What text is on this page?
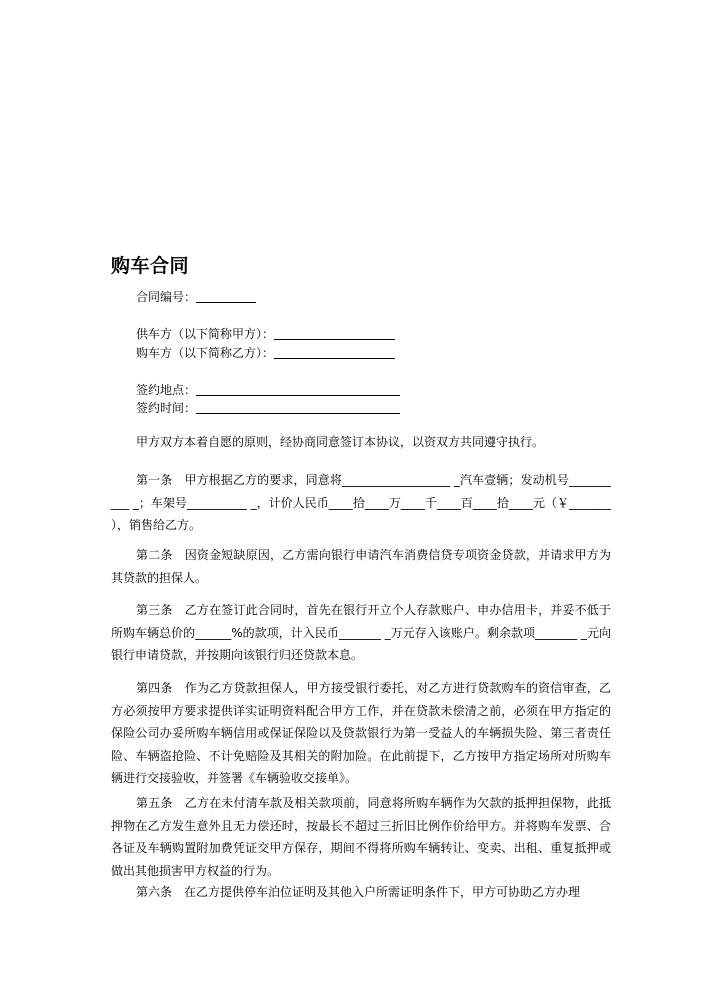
购车合同
合同编号：
供车方（以下简称甲方）：
购车方（以下简称乙方）：
签约地点：
签约时间：

甲方双方本着自愿的原则，经协商同意签订本协议，以资双方共同遵守执行。

第一条　甲方根据乙方的要求，同意将__________________ _汽车壹辆；发动机号__________ _；车架号__________ _，计价人民币____拾____万____千____百____拾____元（￥_______ ），销售给乙方。

第二条　因资金短缺原因，乙方需向银行申请汽车消费信贷专项资金贷款，并请求甲方为其贷款的担保人。

第三条　乙方在签订此合同时，首先在银行开立个人存款账户、申办信用卡，并妥不低于所购车辆总价的______%的款项，计入民币_______ _万元存入该账户。剩余款项_______ _元向银行申请贷款，并按期向该银行归还贷款本息。

第四条　作为乙方贷款担保人，甲方接受银行委托，对乙方进行贷款购车的资信审查，乙方必须按甲方要求提供详实证明资料配合甲方工作，并在贷款未偿清之前，必须在甲方指定的保险公司办妥所购车辆信用或保证保险以及贷款银行为第一受益人的车辆损失险、第三者责任险、车辆盗抢险、不计免赔险及其相关的附加险。在此前提下，乙方按甲方指定场所对所购车辆进行交接验收，并签署《车辆验收交接单》。

第五条　乙方在未付清车款及相关款项前，同意将所购车辆作为欠款的抵押担保物，此抵押物在乙方发生意外且无力偿还时，按最长不超过三折旧比例作价给甲方。并将购车发票、合各证及车辆购置附加费凭证交甲方保存，期间不得将所购车辆转让、变卖、出租、重复抵押或做出其他损害甲方权益的行为。

第六条　在乙方提供停车泊位证明及其他入户所需证明条件下，甲方可协助乙方办理
